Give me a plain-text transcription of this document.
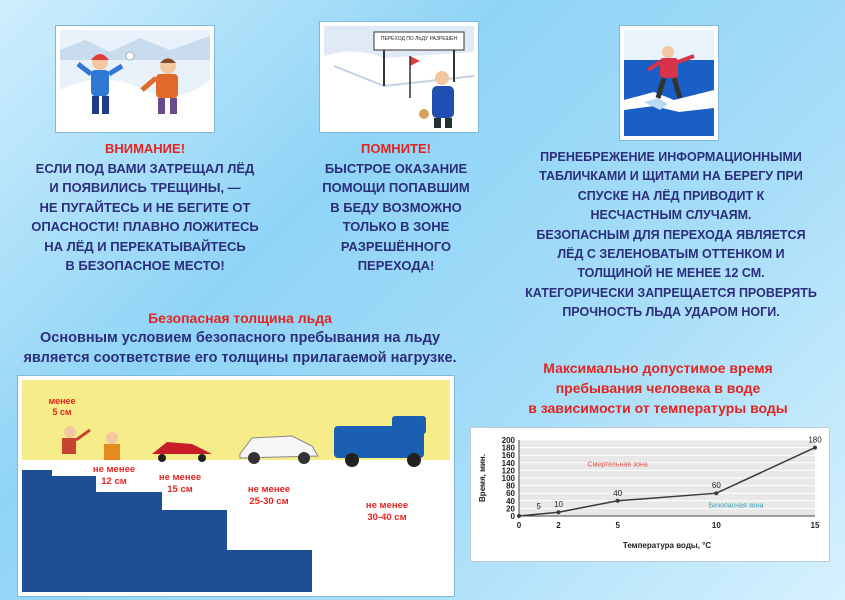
ПЕРЕХОД ПО ЛЬДУ РАЗРЕШЕН
ВНИМАНИЕ!
ЕСЛИ ПОД ВАМИ ЗАТРЕЩАЛ ЛЁД
И ПОЯВИЛИСЬ ТРЕЩИНЫ, —
НЕ ПУГАЙТЕСЬ И НЕ БЕГИТЕ ОТ
ОПАСНОСТИ! ПЛАВНО ЛОЖИТЕСЬ
НА ЛЁД И ПЕРЕКАТЫВАЙТЕСЬ
В БЕЗОПАСНОЕ МЕСТО!
ПОМНИТЕ!
БЫСТРОЕ ОКАЗАНИЕ
ПОМОЩИ ПОПАВШИМ
В БЕДУ ВОЗМОЖНО
ТОЛЬКО В ЗОНЕ
РАЗРЕШЁННОГО
ПЕРЕХОДА!
ПРЕНЕБРЕЖЕНИЕ ИНФОРМАЦИОННЫМИ
ТАБЛИЧКАМИ И ЩИТАМИ НА БЕРЕГУ ПРИ
СПУСКЕ НА ЛЁД ПРИВОДИТ К
НЕСЧАСТНЫМ СЛУЧАЯМ.
БЕЗОПАСНЫМ ДЛЯ ПЕРЕХОДА ЯВЛЯЕТСЯ
ЛЁД С ЗЕЛЕНОВАТЫМ ОТТЕНКОМ И
ТОЛЩИНОЙ НЕ МЕНЕЕ 12 СМ.
КАТЕГОРИЧЕСКИ ЗАПРЕЩАЕТСЯ ПРОВЕРЯТЬ
ПРОЧНОСТЬ ЛЬДА УДАРОМ НОГИ.
Безопасная толщина льда
Основным условием безопасного пребывания на льду
является соответствие его толщины прилагаемой нагрузке.
менее
5 см
не менее
12 см	не менее
15 см	не менее
25-30 см	не менее
30-40 см
Максимально допустимое время
пребывания человека в воде
в зависимости от температуры воды
0
20
40
60
80
100
120
140
160
180
200
0	2	5	10	15
5 10
40
60
180
Смертельная зона
Безопасная зона
Температура воды, °C
Время, мин.
